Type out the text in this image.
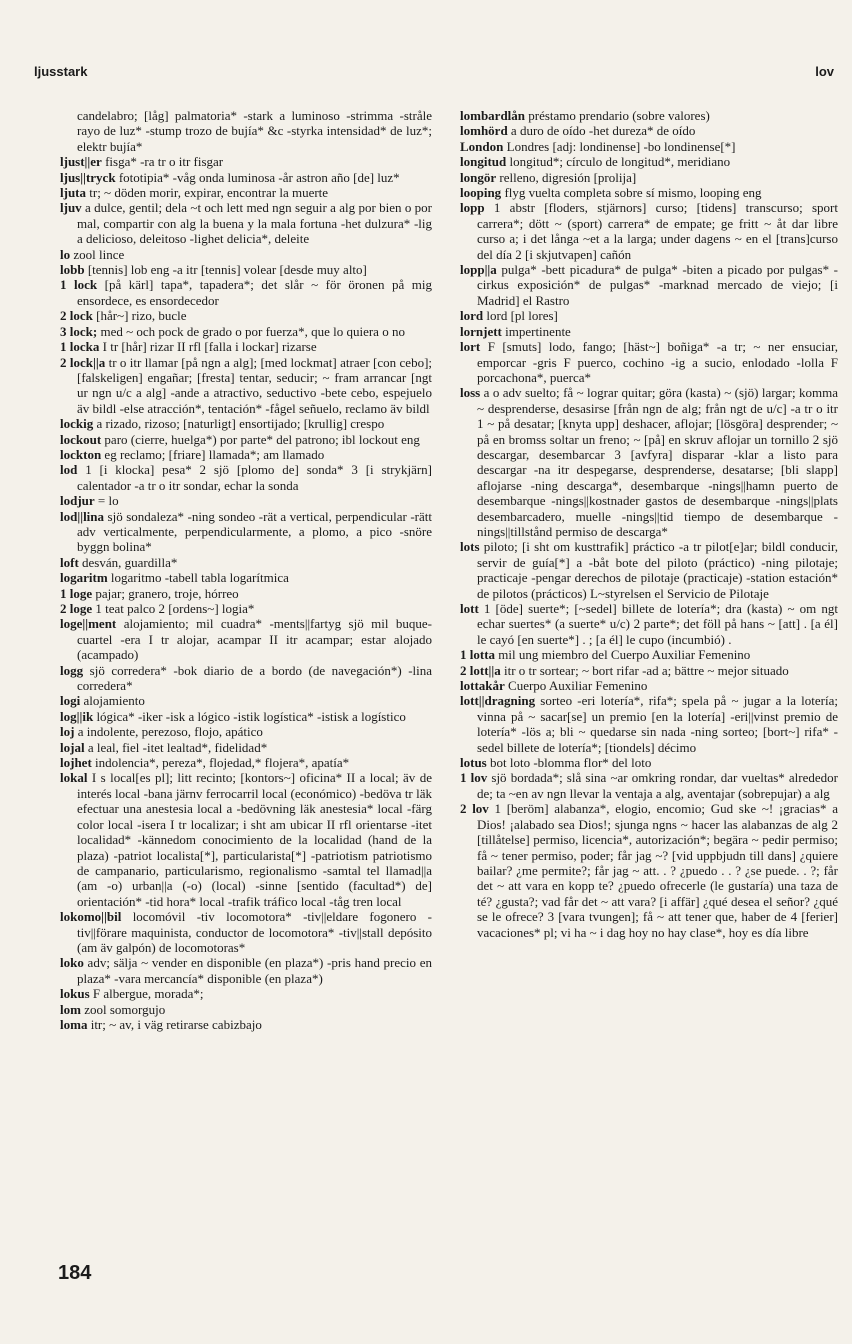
ljusstark	lov

candelabro; [låg] palmatoria* -stark a luminoso -strimma -stråle rayo de luz* -stump trozo de bujía* &c -styrka intensidad* de luz*; elektr bujía*

ljust||er fisga* -ra tr o itr fisgar

ljus||tryck fototipia* -våg onda luminosa -år astron año [de] luz*

ljuta tr; ~ döden morir, expirar, encontrar la muerte

ljuv a dulce, gentil; dela ~t och lett med ngn seguir a alg por bien o por mal, compartir con alg la buena y la mala fortuna -het dulzura* -lig a delicioso, deleitoso -lighet delicia*, deleite

lo zool lince

lobb [tennis] lob eng -a itr [tennis] volear [desde muy alto]

1 lock [på kärl] tapa*, tapadera*; det slår ~ för öronen på mig ensordece, es ensordecedor

2 lock [hår~] rizo, bucle

3 lock; med ~ och pock de grado o por fuerza*, que lo quiera o no

1 locka I tr [hår] rizar II rfl [falla i lockar] rizarse

2 lock||a tr o itr llamar [på ngn a alg]; [med lockmat] atraer [con cebo]; [falskeligen] engañar; [fresta] tentar, seducir; ~ fram arrancar [ngt ur ngn u/c a alg] -ande a atractivo, seductivo -bete cebo, espejuelo äv bildl -else atracción*, tentación* -fågel señuelo, reclamo äv bildl

lockig a rizado, rizoso; [naturligt] ensortijado; [krullig] crespo

lockout paro (cierre, huelga*) por parte* del patrono; ibl lockout eng

lockton eg reclamo; [friare] llamada*; am llamado

lod 1 [i klocka] pesa* 2 sjö [plomo de] sonda* 3 [i strykjärn] calentador -a tr o itr sondar, echar la sonda

lodjur = lo

lod||lina sjö sondaleza* -ning sondeo -rät a vertical, perpendicular -rätt adv verticalmente, perpendicularmente, a plomo, a pico -snöre byggn bolina*

loft desván, guardilla*

logaritm logaritmo -tabell tabla logarítmica

1 loge pajar; granero, troje, hórreo

2 loge 1 teat palco 2 [ordens~] logia*

loge||ment alojamiento; mil cuadra* -ments||fartyg sjö mil buque-cuartel -era I tr alojar, acampar II itr acampar; estar alojado (acampado)

logg sjö corredera* -bok diario de a bordo (de navegación*) -lina corredera*

logi alojamiento

log||ik lógica* -iker -isk a lógico -istik logística* -istisk a logístico

loj a indolente, perezoso, flojo, apático

lojal a leal, fiel -itet lealtad*, fidelidad*

lojhet indolencia*, pereza*, flojedad,* flojera*, apatía*

lokal I s local[es pl]; litt recinto; [kontors~] oficina* II a local; äv de interés local -bana järnv ferrocarril local (económico) -bedöva tr läk efectuar una anestesia local a -bedövning läk anestesia* local -färg color local -isera I tr localizar; i sht am ubicar II rfl orientarse -itet localidad* -kännedom conocimiento de la localidad (hand de la plaza) -patriot localista[*], particularista[*] -patriotism patriotismo de campanario, particularismo, regionalismo -samtal tel llamad||a (am -o) urban||a (-o) (local) -sinne [sentido (facultad*) de] orientación* -tid hora* local -trafik tráfico local -tåg tren local

lokomo||bil locomóvil -tiv locomotora* -tiv||eldare fogonero -tiv||förare maquinista, conductor de locomotora* -tiv||stall depósito (am äv galpón) de locomotoras*

loko adv; sälja ~ vender en disponible (en plaza*) -pris hand precio en plaza* -vara mercancía* disponible (en plaza*)

lokus F albergue, morada*;

lom zool somorgujo

loma itr; ~ av, i väg retirarse cabizbajo

lombardlån préstamo prendario (sobre valores)

lomhörd a duro de oído -het dureza* de oído

London Londres [adj: londinense] -bo londinense[*]

longitud longitud*; círculo de longitud*, meridiano

longör relleno, digresión [prolija]

looping flyg vuelta completa sobre sí mismo, looping eng

lopp 1 abstr [floders, stjärnors] curso; [tidens] transcurso; sport carrera*; dött ~ (sport) carrera* de empate; ge fritt ~ åt dar libre curso a; i det långa ~et a la larga; under dagens ~ en el [trans]curso del día 2 [i skjutvapen] cañón

lopp||a pulga* -bett picadura* de pulga* -biten a picado por pulgas* -cirkus exposición* de pulgas* -marknad mercado de viejo; [i Madrid] el Rastro

lord lord [pl lores]

lornjett impertinente

lort F [smuts] lodo, fango; [häst~] boñiga* -a tr; ~ ner ensuciar, emporcar -gris F puerco, cochino -ig a sucio, enlodado -lolla F porcachona*, puerca*

loss a o adv suelto; få ~ lograr quitar; göra (kasta) ~ (sjö) largar; komma ~ desprenderse, desasirse [från ngn de alg; från ngt de u/c] -a tr o itr 1 ~ på desatar; [knyta upp] deshacer, aflojar; [lösgöra] desprender; ~ på en bromss soltar un freno; ~ [på] en skruv aflojar un tornillo 2 sjö descargar, desembarcar 3 [avfyra] disparar -klar a listo para descargar -na itr despegarse, desprenderse, desatarse; [bli slapp] aflojarse -ning descarga*, desembarque -nings||hamn puerto de desembarque -nings||kostnader gastos de desembarque -nings||plats desembarcadero, muelle -nings||tid tiempo de desembarque -nings||tillstånd permiso de descarga*

lots piloto; [i sht om kusttrafik] práctico -a tr pilot[e]ar; bildl conducir, servir de guía[*] a -båt bote del piloto (práctico) -ning pilotaje; practicaje -pengar derechos de pilotaje (practicaje) -station estación* de pilotos (prácticos) L~styrelsen el Servicio de Pilotaje

lott 1 [öde] suerte*; [~sedel] billete de lotería*; dra (kasta) ~ om ngt echar suertes* (a suerte* u/c) 2 parte*; det föll på hans ~ [att] . [a él] le cayó [en suerte*] . ; [a él] le cupo (incumbió) .

1 lotta mil ung miembro del Cuerpo Auxiliar Femenino

2 lott||a itr o tr sortear; ~ bort rifar -ad a; bättre ~ mejor situado

lottakår Cuerpo Auxiliar Femenino

lott||dragning sorteo -eri lotería*, rifa*; spela på ~ jugar a la lotería; vinna på ~ sacar[se] un premio [en la lotería] -eri||vinst premio de lotería* -lös a; bli ~ quedarse sin nada -ning sorteo; [bort~] rifa* -sedel billete de lotería*; [tiondels] décimo

lotus bot loto -blomma flor* del loto

1 lov sjö bordada*; slå sina ~ar omkring rondar, dar vueltas* alrededor de; ta ~en av ngn llevar la ventaja a alg, aventajar (sobrepujar) a alg

2 lov 1 [beröm] alabanza*, elogio, encomio; Gud ske ~! ¡gracias* a Dios! ¡alabado sea Dios!; sjunga ngns ~ hacer las alabanzas de alg 2 [tillåtelse] permiso, licencia*, autorización*; begära ~ pedir permiso; få ~ tener permiso, poder; får jag ~? [vid uppbjudn till dans] ¿quiere bailar? ¿me permite?; får jag ~ att. . ? ¿puedo . . ? ¿se puede. . ?; får det ~ att vara en kopp te? ¿puedo ofrecerle (le gustaría) una taza de té? ¿gusta?; vad får det ~ att vara? [i affär] ¿qué desea el señor? ¿qué se le ofrece? 3 [vara tvungen]; få ~ att tener que, haber de 4 [ferier] vacaciones* pl; vi ha ~ i dag hoy no hay clase*, hoy es día libre

184
